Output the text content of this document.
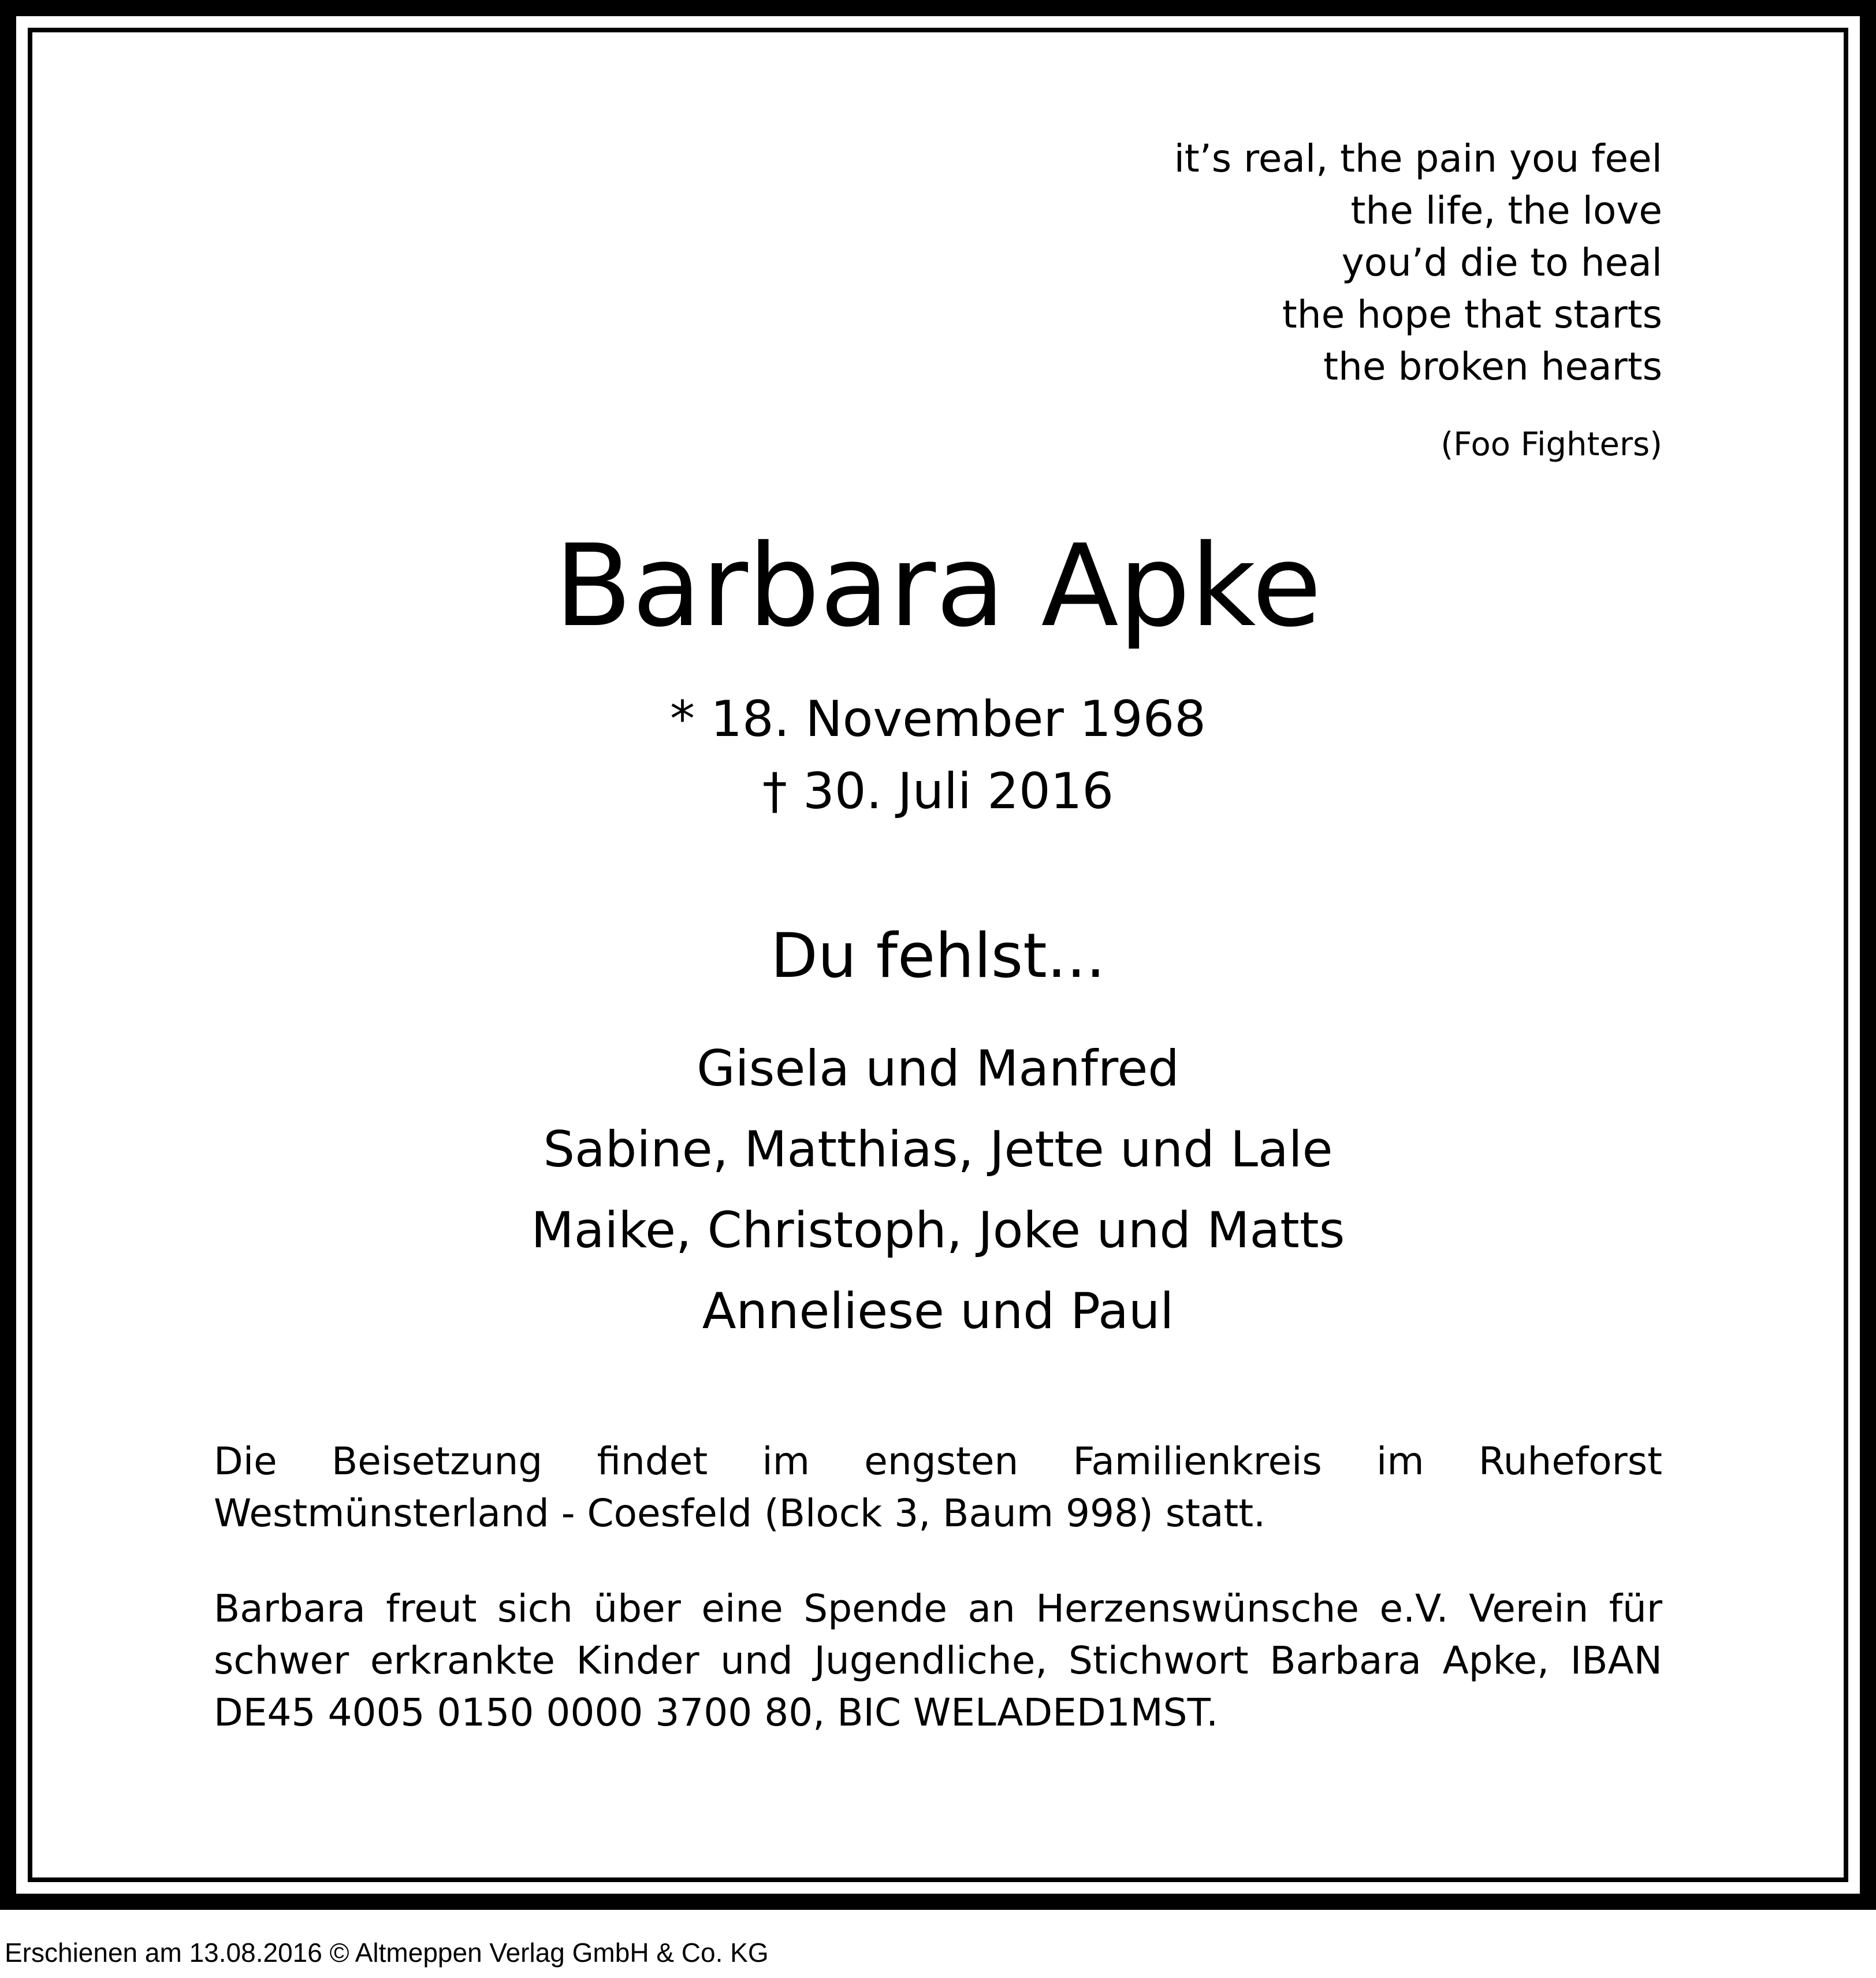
it’s real, the pain you feel
the life, the love
you’d die to heal
the hope that starts
the broken hearts
(Foo Fighters)
Barbara Apke
* 18. November 1968
† 30. Juli 2016
Du fehlst...
Gisela und Manfred
Sabine, Matthias, Jette und Lale
Maike, Christoph, Joke und Matts
Anneliese und Paul
Die Beisetzung findet im engsten Familienkreis im Ruheforst Westmünsterland - Coesfeld (Block 3, Baum 998) statt.
Barbara freut sich über eine Spende an Herzenswünsche e.V. Verein für schwer erkrankte Kinder und Jugendliche, Stichwort Barbara Apke, IBAN DE45 4005 0150 0000 3700 80, BIC WELADED1MST.
Erschienen am 13.08.2016 © Altmeppen Verlag GmbH & Co. KG
